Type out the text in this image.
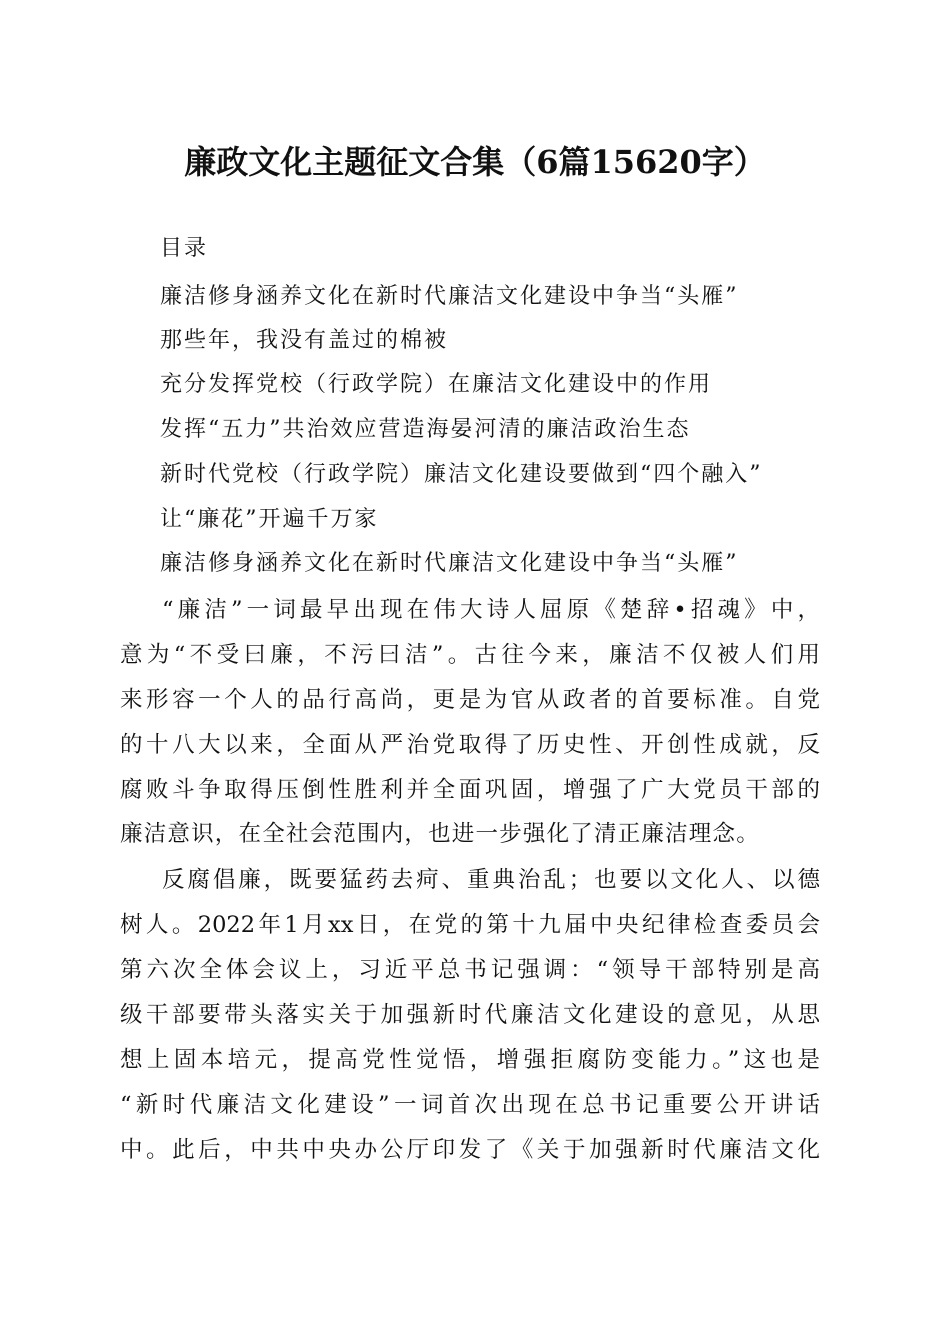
廉政文化主题征文合集（6篇15620字）
目录
廉洁修身涵养文化在新时代廉洁文化建设中争当“头雁”
那些年，我没有盖过的棉被
充分发挥党校（行政学院）在廉洁文化建设中的作用
发挥“五力”共治效应营造海晏河清的廉洁政治生态
新时代党校（行政学院）廉洁文化建设要做到“四个融入”
让“廉花”开遍千万家
廉洁修身涵养文化在新时代廉洁文化建设中争当“头雁”
“廉洁”一词最早出现在伟大诗人屈原《楚辞•招魂》中，
意为“不受曰廉，不污曰洁”。古往今来，廉洁不仅被人们用
来形容一个人的品行高尚，更是为官从政者的首要标准。自党
的十八大以来，全面从严治党取得了历史性、开创性成就，反
腐败斗争取得压倒性胜利并全面巩固，增强了广大党员干部的
廉洁意识，在全社会范围内，也进一步强化了清正廉洁理念。
反腐倡廉，既要猛药去疴、重典治乱；也要以文化人、以德
树人。2022年1月xx日，在党的第十九届中央纪律检查委员会
第六次全体会议上，习近平总书记强调：“领导干部特别是高
级干部要带头落实关于加强新时代廉洁文化建设的意见，从思
想上固本培元，提高党性觉悟，增强拒腐防变能力。”这也是
“新时代廉洁文化建设”一词首次出现在总书记重要公开讲话
中。此后，中共中央办公厅印发了《关于加强新时代廉洁文化
